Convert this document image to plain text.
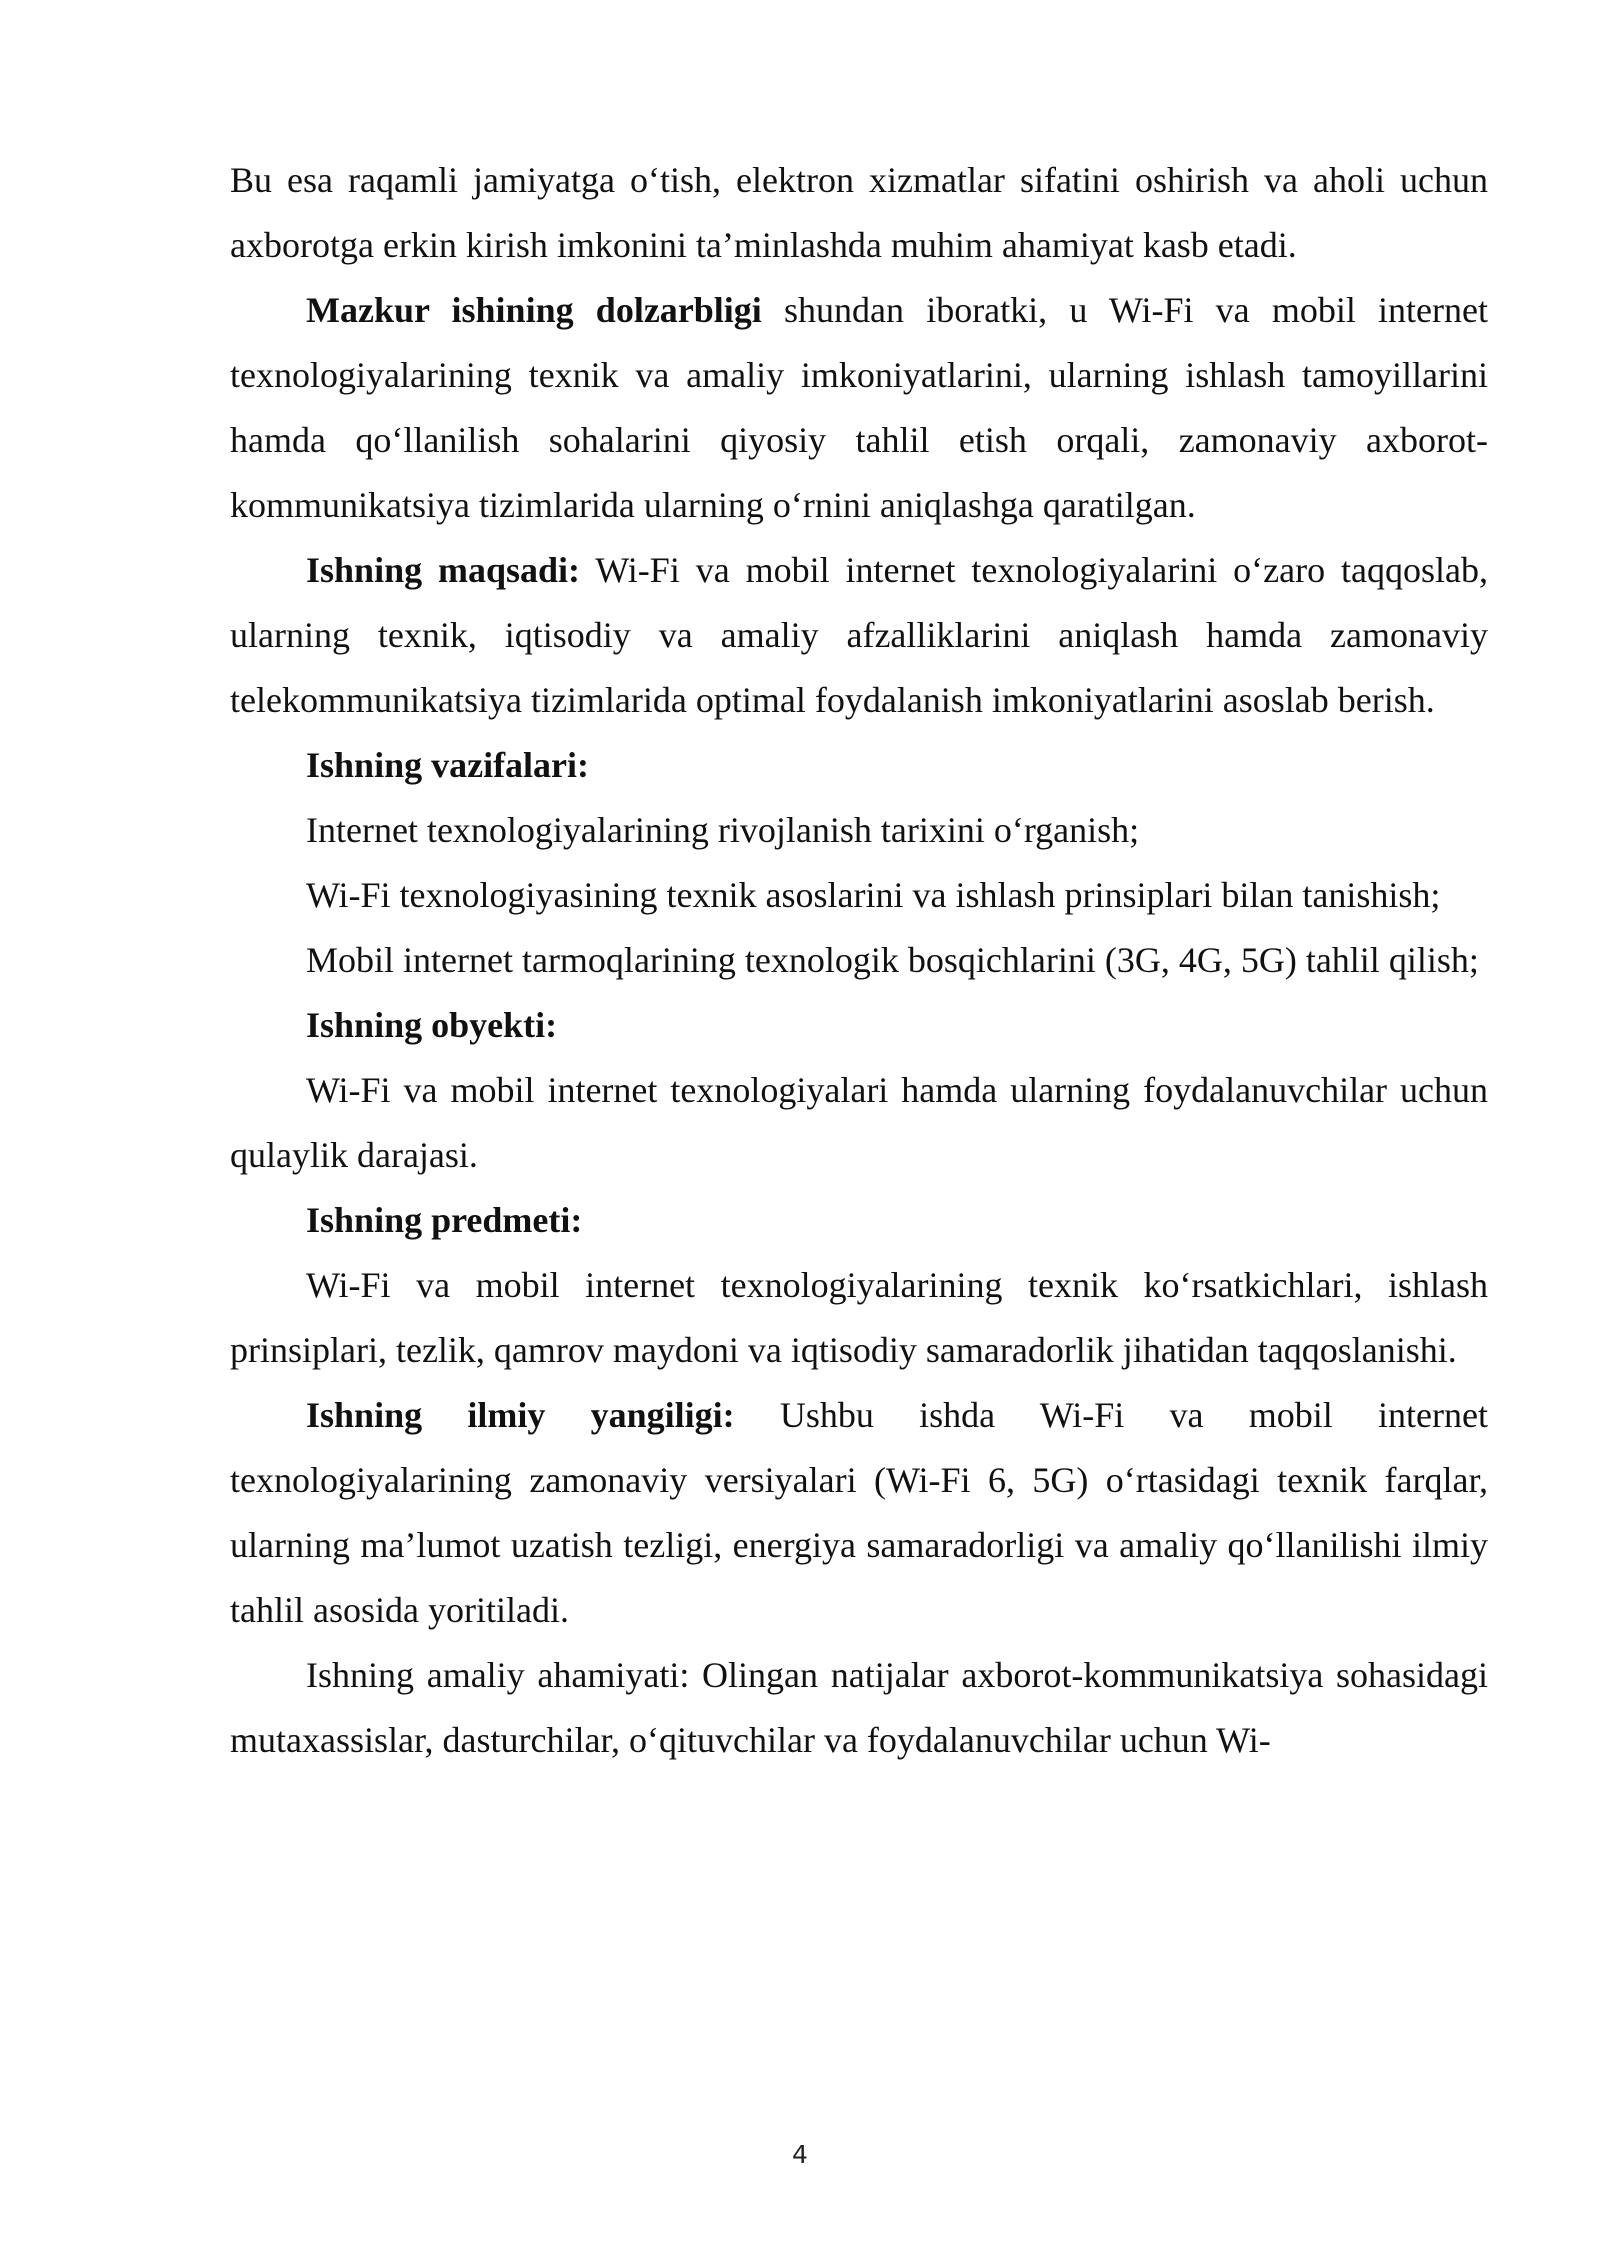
Bu esa raqamli jamiyatga o‘tish, elektron xizmatlar sifatini oshirish va aholi uchun axborotga erkin kirish imkonini ta’minlashda muhim ahamiyat kasb etadi.

Mazkur ishining dolzarbligi shundan iboratki, u Wi-Fi va mobil internet texnologiyalarining texnik va amaliy imkoniyatlarini, ularning ishlash tamoyillarini hamda qo‘llanilish sohalarini qiyosiy tahlil etish orqali, zamonaviy axborot-kommunikatsiya tizimlarida ularning o‘rnini aniqlashga qaratilgan.

Ishning maqsadi: Wi-Fi va mobil internet texnologiyalarini o‘zaro taqqoslab, ularning texnik, iqtisodiy va amaliy afzalliklarini aniqlash hamda zamonaviy telekommunikatsiya tizimlarida optimal foydalanish imkoniyatlarini asoslab berish.

Ishning vazifalari:

Internet texnologiyalarining rivojlanish tarixini o‘rganish;

Wi-Fi texnologiyasining texnik asoslarini va ishlash prinsiplari bilan tanishish;

Mobil internet tarmoqlarining texnologik bosqichlarini (3G, 4G, 5G) tahlil qilish;

Ishning obyekti:

Wi-Fi va mobil internet texnologiyalari hamda ularning foydalanuvchilar uchun qulaylik darajasi.

Ishning predmeti:

Wi-Fi va mobil internet texnologiyalarining texnik ko‘rsatkichlari, ishlash prinsiplari, tezlik, qamrov maydoni va iqtisodiy samaradorlik jihatidan taqqoslanishi.

Ishning ilmiy yangiligi: Ushbu ishda Wi-Fi va mobil internet texnologiyalarining zamonaviy versiyalari (Wi-Fi 6, 5G) o‘rtasidagi texnik farqlar, ularning ma’lumot uzatish tezligi, energiya samaradorligi va amaliy qo‘llanilishi ilmiy tahlil asosida yoritiladi.

Ishning amaliy ahamiyati: Olingan natijalar axborot-kommunikatsiya sohasidagi mutaxassislar, dasturchilar, o‘qituvchilar va foydalanuvchilar uchun Wi-

4
